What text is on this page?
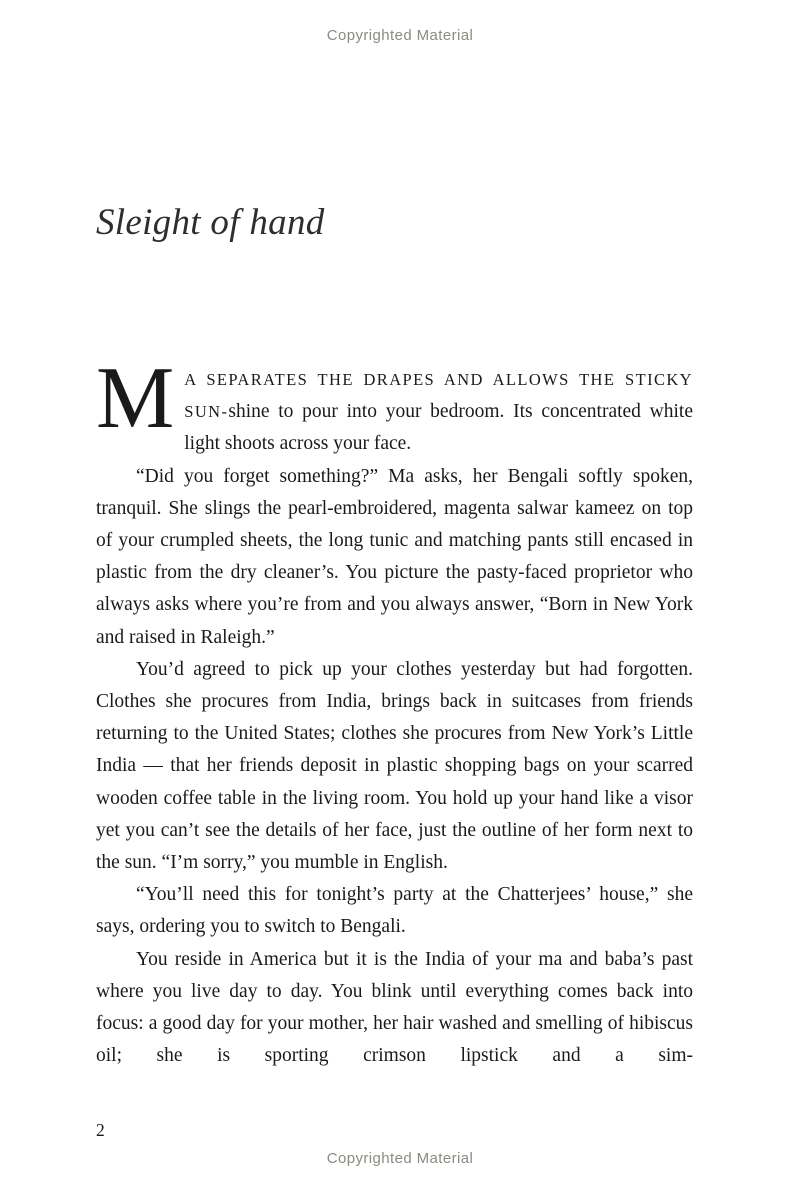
Copyrighted Material
Sleight of hand

M A SEPARATES THE DRAPES AND ALLOWS THE STICKY SUN-shine to pour into your bedroom. Its concentrated white light shoots across your face.

“Did you forget something?” Ma asks, her Bengali softly spoken, tranquil. She slings the pearl-embroidered, magenta salwar kameez on top of your crumpled sheets, the long tunic and matching pants still encased in plastic from the dry cleaner’s. You picture the pasty-faced proprietor who always asks where you’re from and you always answer, “Born in New York and raised in Raleigh.”

You’d agreed to pick up your clothes yesterday but had forgotten. Clothes she procures from India, brings back in suitcases from friends returning to the United States; clothes she procures from New York’s Little India — that her friends deposit in plastic shopping bags on your scarred wooden coffee table in the living room. You hold up your hand like a visor yet you can’t see the details of her face, just the outline of her form next to the sun. “I’m sorry,” you mumble in English.

“You’ll need this for tonight’s party at the Chatterjees’ house,” she says, ordering you to switch to Bengali.

You reside in America but it is the India of your ma and baba’s past where you live day to day. You blink until everything comes back into focus: a good day for your mother, her hair washed and smelling of hibiscus oil; she is sporting crimson lipstick and a sim-

2
Copyrighted Material
